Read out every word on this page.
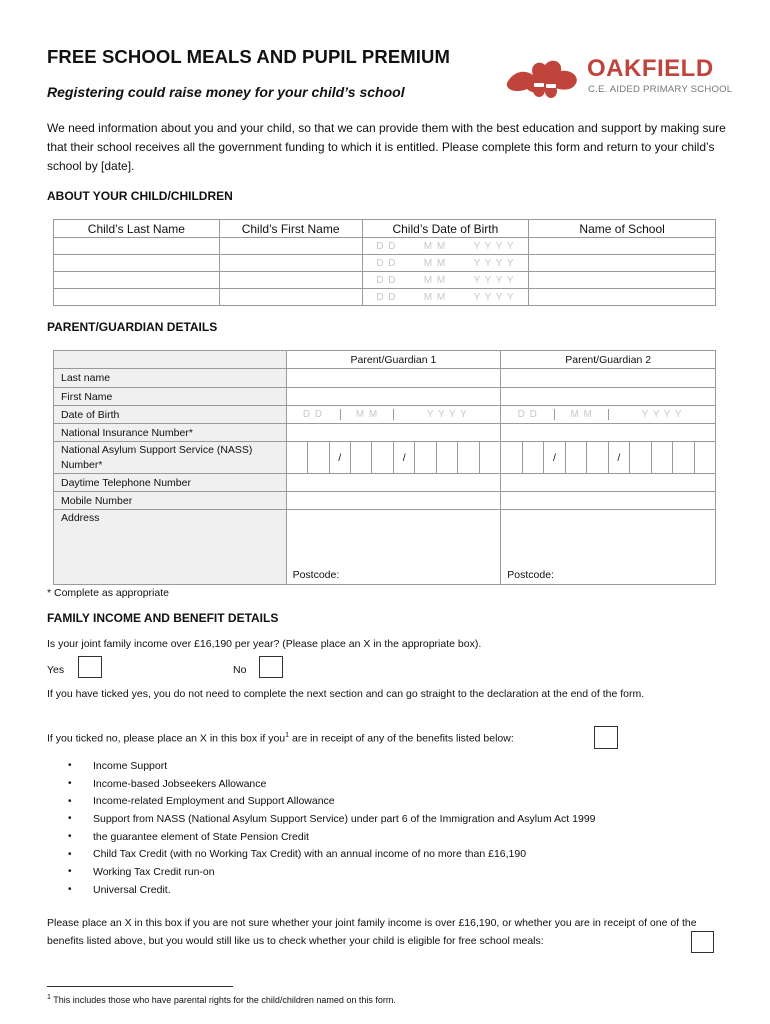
FREE SCHOOL MEALS AND PUPIL PREMIUM
Registering could raise money for your child’s school
OAKFIELD
C.E. AIDED PRIMARY SCHOOL
We need information about you and your child, so that we can provide them with the best education and support by making sure that their school receives all the government funding to which it is entitled. Please complete this form and return to your child’s school by [date].
ABOUT YOUR CHILD/CHILDREN
Child’s Last Name	Child’s First Name	Child’s Date of Birth	Name of School

		D D M M Y Y Y Y	

		D D M M Y Y Y Y	

		D D M M Y Y Y Y	

		D D M M Y Y Y Y	

PARENT/GUARDIAN DETAILS
	Parent/Guardian 1	Parent/Guardian 2
Last name		
First Name		
Date of Birth	D D M M Y Y Y Y	D D M M Y Y Y Y

National Insurance Number*	

National Asylum Support Service (NASS) Number*	/ /	/ /

Daytime Telephone Number		
Mobile Number		
Address	Postcode:	Postcode:
* Complete as appropriate
FAMILY INCOME AND BENEFIT DETAILS
Is your joint family income over £16,190 per year? (Please place an X in the appropriate box).
Yes	No
If you have ticked yes, you do not need to complete the next section and can go straight to the declaration at the end of the form.
If you ticked no, please place an X in this box if you$^1$ are in receipt of any of the benefits listed below:
•	Income Support
•	Income-based Jobseekers Allowance
•	Income-related Employment and Support Allowance
•	Support from NASS (National Asylum Support Service) under part 6 of the Immigration and Asylum Act 1999
•	the guarantee element of State Pension Credit
•	Child Tax Credit (with no Working Tax Credit) with an annual income of no more than £16,190
•	Working Tax Credit run-on
•	Universal Credit.
Please place an X in this box if you are not sure whether your joint family income is over £16,190, or whether you are in receipt of one of the benefits listed above, but you would still like us to check whether your child is eligible for free school meals:
$^1$ This includes those who have parental rights for the child/children named on this form.
